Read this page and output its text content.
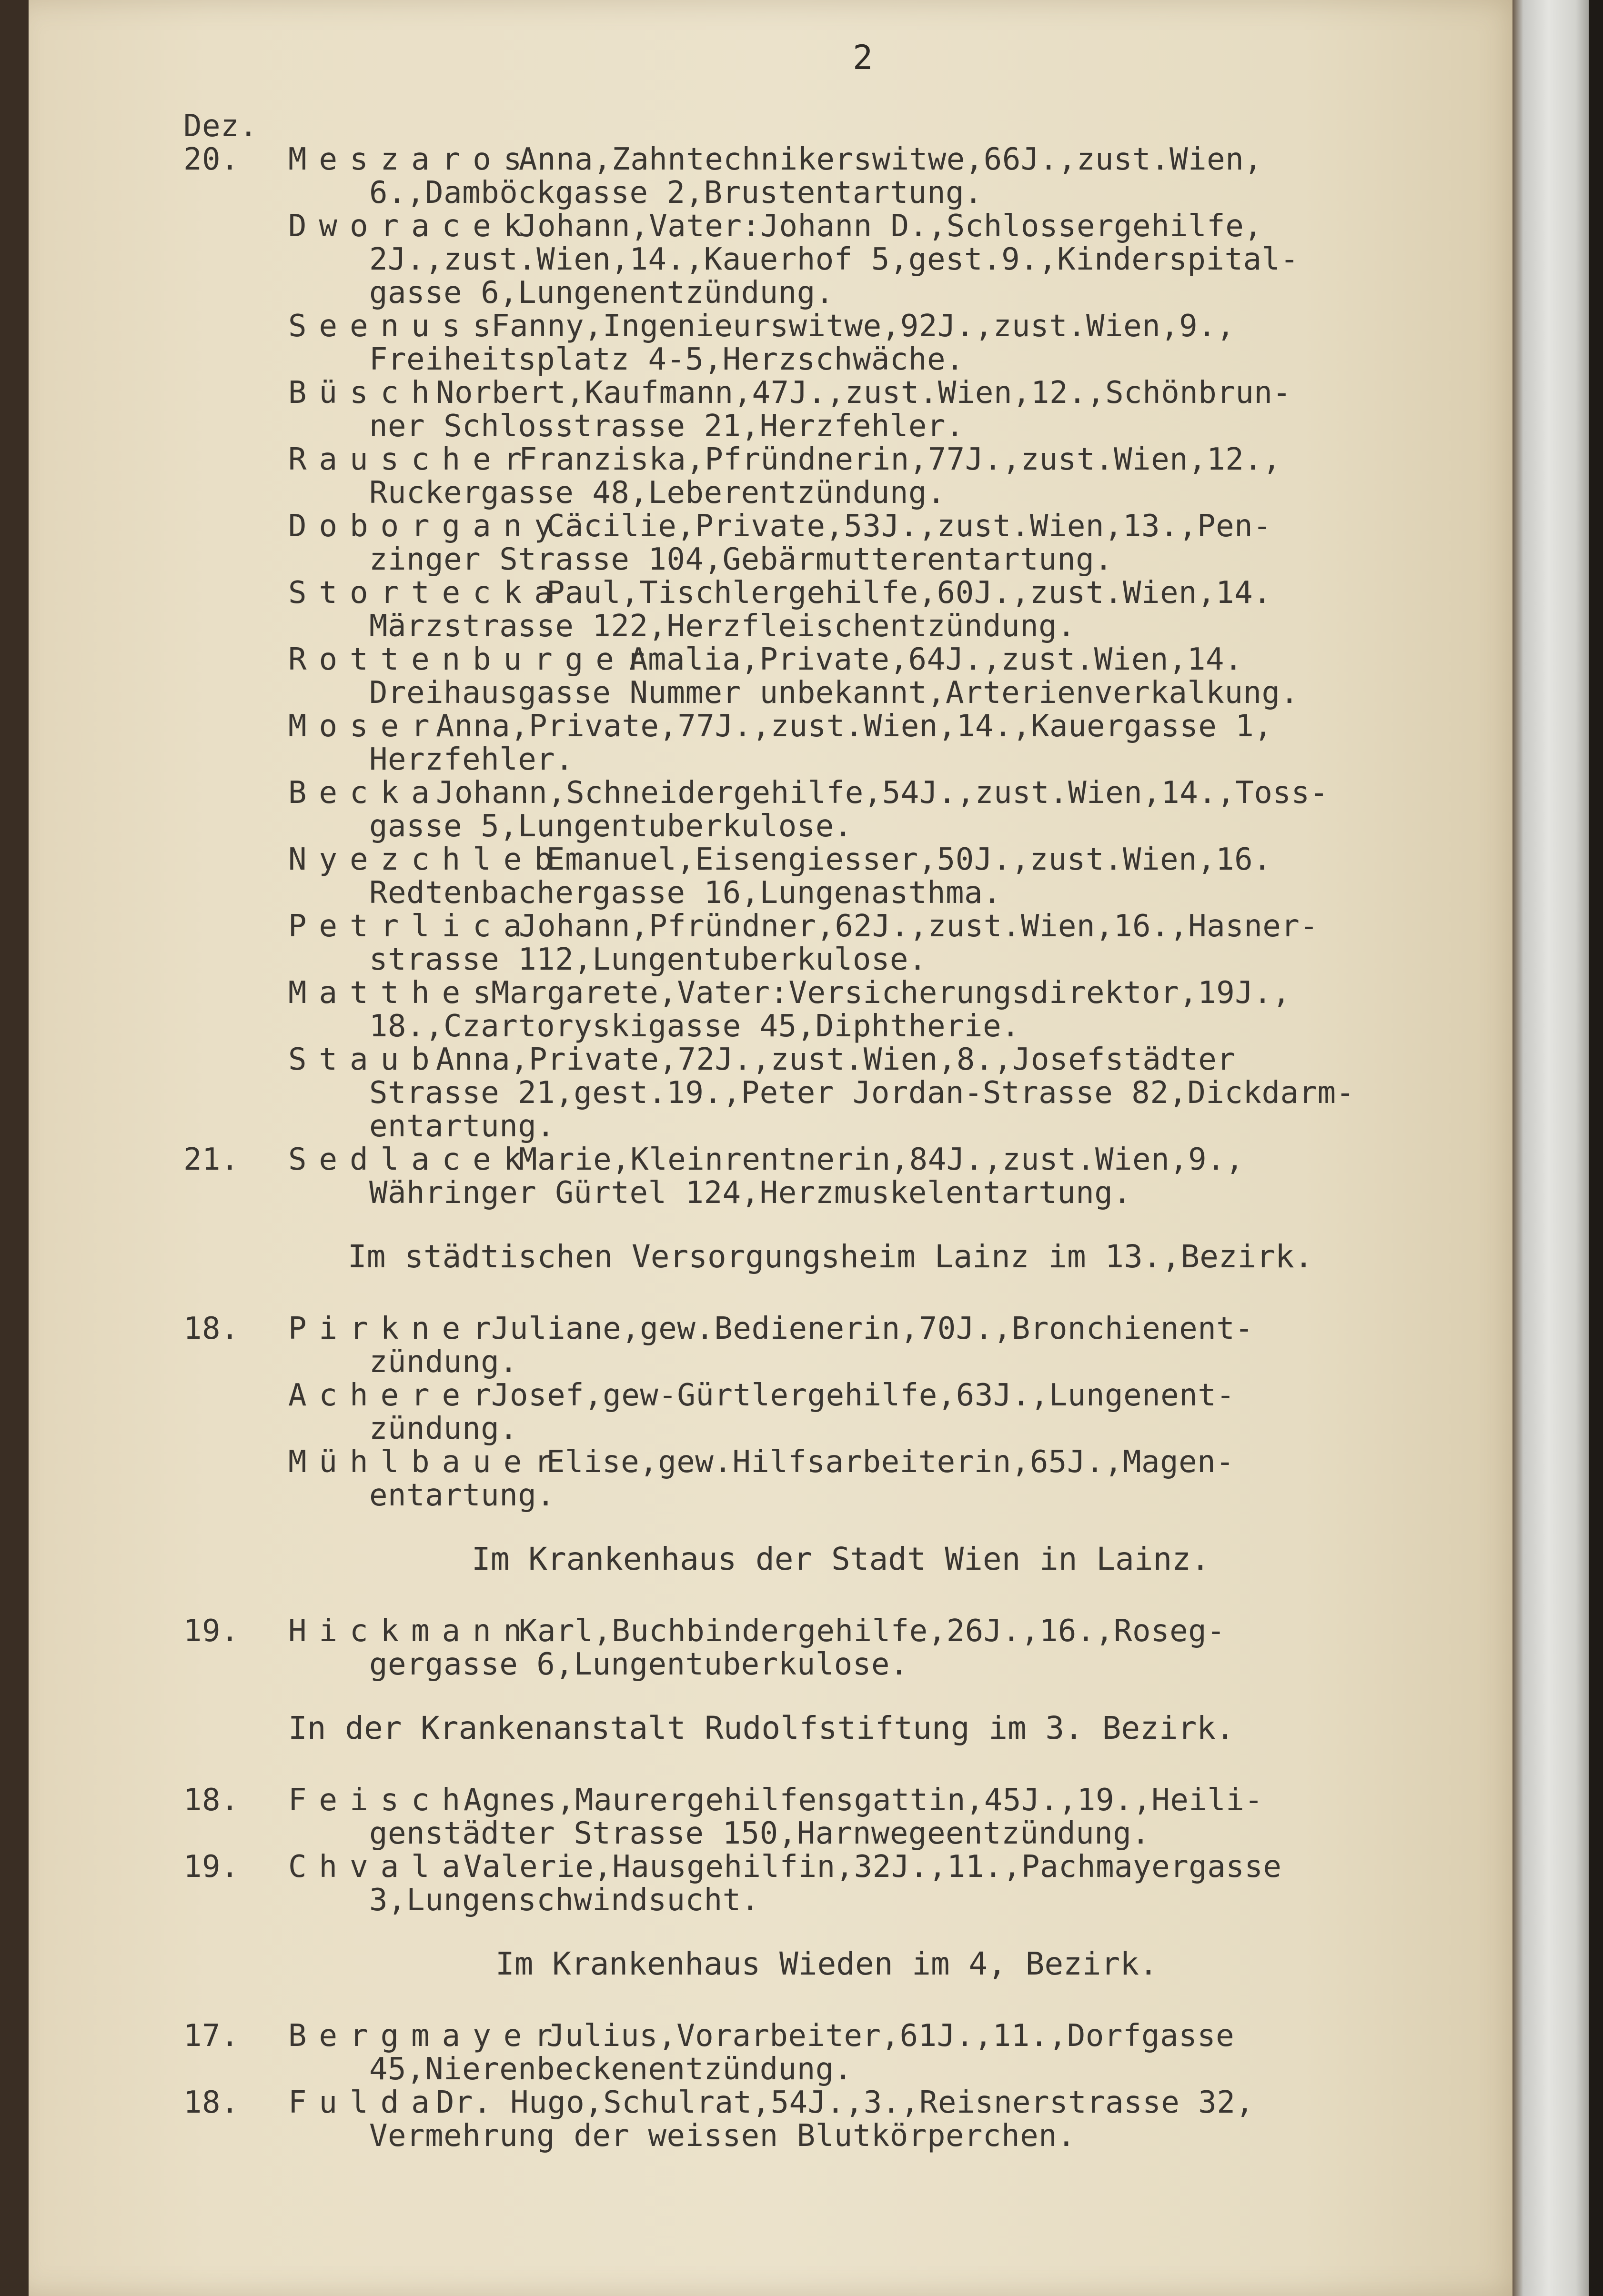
2
Dez.
20. Meszaros
Anna,Zahntechnikerswitwe,66J.,zust.Wien,
6.,Damböckgasse 2,Brustentartung.
Dworacek
Johann,Vater:Johann D.,Schlossergehilfe,
2J.,zust.Wien,14.,Kauerhof 5,gest.9.,Kinderspital-
gasse 6,Lungenentzündung.
Seenuss
Fanny,Ingenieurswitwe,92J.,zust.Wien,9.,
Freiheitsplatz 4-5,Herzschwäche.
Büsch
Norbert,Kaufmann,47J.,zust.Wien,12.,Schönbrun-
ner Schlosstrasse 21,Herzfehler.
Rauscher
Franziska,Pfründnerin,77J.,zust.Wien,12.,
Ruckergasse 48,Leberentzündung.
Doborgany
Cäcilie,Private,53J.,zust.Wien,13.,Pen-
zinger Strasse 104,Gebärmutterentartung.
Stortecka
Paul,Tischlergehilfe,60J.,zust.Wien,14.
Märzstrasse 122,Herzfleischentzündung.
Rottenburger
Amalia,Private,64J.,zust.Wien,14.
Dreihausgasse Nummer unbekannt,Arterienverkalkung.
Moser
Anna,Private,77J.,zust.Wien,14.,Kauergasse 1,
Herzfehler.
Becka
Johann,Schneidergehilfe,54J.,zust.Wien,14.,Toss-
gasse 5,Lungentuberkulose.
Nyezchleb
Emanuel,Eisengiesser,50J.,zust.Wien,16.
Redtenbachergasse 16,Lungenasthma.
Petrlica
Johann,Pfründner,62J.,zust.Wien,16.,Hasner-
strasse 112,Lungentuberkulose.
Matthes
Margarete,Vater:Versicherungsdirektor,19J.,
18.,Czartoryskigasse 45,Diphtherie.
Staub
Anna,Private,72J.,zust.Wien,8.,Josefstädter
Strasse 21,gest.19.,Peter Jordan-Strasse 82,Dickdarm-
entartung.
21. Sedlacek
Marie,Kleinrentnerin,84J.,zust.Wien,9.,
Währinger Gürtel 124,Herzmuskelentartung.
Im städtischen Versorgungsheim Lainz im 13.,Bezirk.
18. Pirkner
Juliane,gew.Bedienerin,70J.,Bronchienent-
zündung.
Acherer
Josef,gew-Gürtlergehilfe,63J.,Lungenent-
zündung.
Mühlbauer
Elise,gew.Hilfsarbeiterin,65J.,Magen-
entartung.
Im Krankenhaus der Stadt Wien in Lainz.
19. Hickmann
Karl,Buchbindergehilfe,26J.,16.,Roseg-
gergasse 6,Lungentuberkulose.
In der Krankenanstalt Rudolfstiftung im 3. Bezirk.
18. Feisch
Agnes,Maurergehilfensgattin,45J.,19.,Heili-
genstädter Strasse 150,Harnwegeentzündung.
19. Chvala
Valerie,Hausgehilfin,32J.,11.,Pachmayergasse
3,Lungenschwindsucht.
Im Krankenhaus Wieden im 4, Bezirk.
17. Bergmayer
Julius,Vorarbeiter,61J.,11.,Dorfgasse
45,Nierenbeckenentzündung.
18. Fulda
Dr. Hugo,Schulrat,54J.,3.,Reisnerstrasse 32,
Vermehrung der weissen Blutkörperchen.
